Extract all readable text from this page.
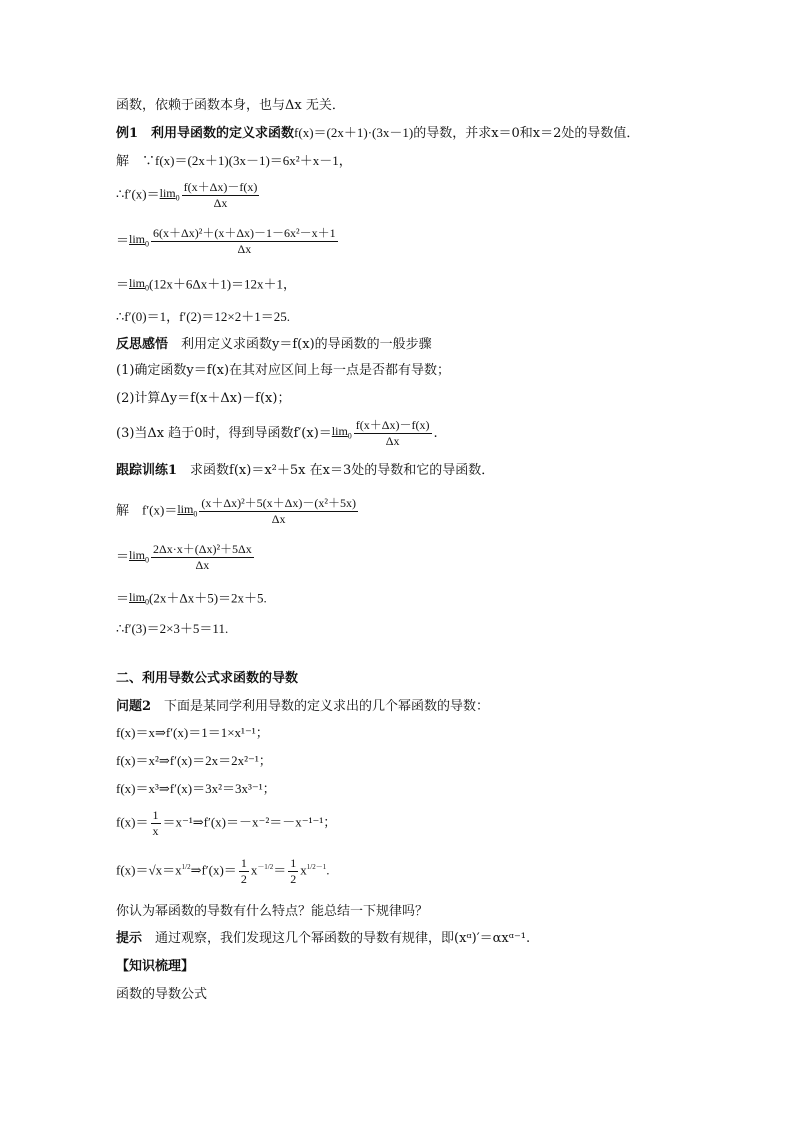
函数，依赖于函数本身，也与Δx 无关．
例1　利用导函数的定义求函数f(x)＝(2x＋1)·(3x－1)的导数，并求x＝0和x＝2处的导数值．
解　∵f(x)＝(2x＋1)(3x－1)＝6x²＋x－1，
$\therefore f'(x)=\lim_0 \frac{f(x+\Delta x)-f(x)}{\Delta x}$
$=\lim_0 \frac{\text{6(x＋Δx)²＋(x＋Δx)－1－6x²－x＋1}}{\Delta x}$
$=\lim_0(12x+6\Delta x+1)=12x+1$，
∴f′(0)＝1，f′(2)＝12×2＋1＝25.
反思感悟　利用定义求函数y＝f(x)的导函数的一般步骤
(1)确定函数y＝f(x)在其对应区间上每一点是否都有导数；
(2)计算Δy＝f(x＋Δx)－f(x)；
(3)当Δx 趋于0时，得到导函数$f'(x)=\lim_0 \frac{f(x+\Delta x)-f(x)}{\Delta x}$ .
跟踪训练1　求函数f(x)＝x²＋5x 在x＝3处的导数和它的导函数．
解　$f'(x)=\lim_0 \frac{\text{(x＋Δx)²＋5(x＋Δx)－(x²＋5x)}}{\Delta x}$
$=\lim_0 \frac{\text{2Δx·x＋(Δx)²＋5Δx}}{\Delta x}$
$=\lim_0(2x+\Delta x+5)=2x+5$.
∴f′(3)＝2×3＋5＝11.
二、利用导数公式求函数的导数
问题2　下面是某同学利用导数的定义求出的几个幂函数的导数：
f(x)＝x⇒f′(x)＝1＝1×x¹⁻¹；
f(x)＝x²⇒f′(x)＝2x＝2x²⁻¹；
f(x)＝x³⇒f′(x)＝3x²＝3x³⁻¹；
$f(x)= \frac{1}{x}$ ＝x⁻¹⇒f′(x)＝－x⁻²＝－x⁻¹⁻¹；
$f(x)=√x=x^{1/2}\Rightarrow f'(x)= \frac{1}{2} x^{-1/2}= \frac{1}{2} x^{1/2-1}$.
你认为幂函数的导数有什么特点？能总结一下规律吗？
提示　通过观察，我们发现这几个幂函数的导数有规律，即(xᵅ)′＝αxᵅ⁻¹.
【知识梳理】
函数的导数公式
